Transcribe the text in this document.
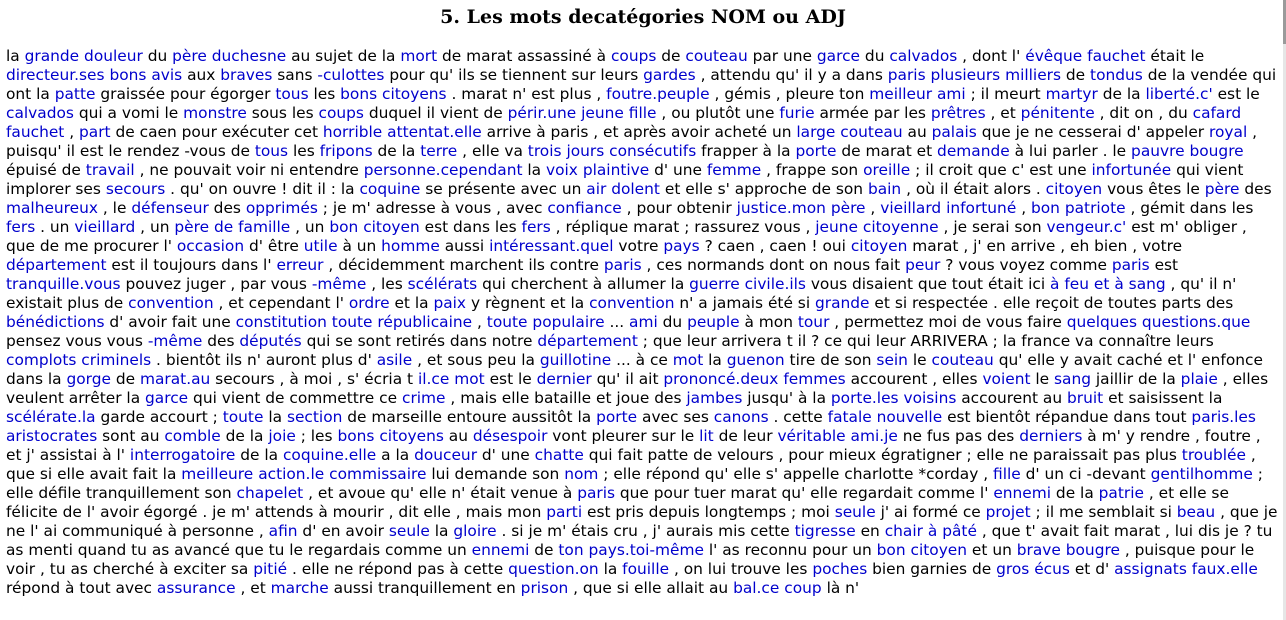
5. Les mots decatégories NOM ou ADJ

la grande douleur du père duchesne au sujet de la mort de marat assassiné à coups de couteau par une garce du calvados , dont l' évêque fauchet était le directeur.ses bons avis aux braves sans -culottes pour qu' ils se tiennent sur leurs gardes , attendu qu' il y a dans paris plusieurs milliers de tondus de la vendée qui ont la patte graissée pour égorger tous les bons citoyens . marat n' est plus , foutre.peuple , gémis , pleure ton meilleur ami ; il meurt martyr de la liberté.c' est le calvados qui a vomi le monstre sous les coups duquel il vient de périr.une jeune fille , ou plutôt une furie armée par les prêtres , et pénitente , dit on , du cafard fauchet , part de caen pour exécuter cet horrible attentat.elle arrive à paris , et après avoir acheté un large couteau au palais que je ne cesserai d' appeler royal , puisqu' il est le rendez -vous de tous les fripons de la terre , elle va trois jours consécutifs frapper à la porte de marat et demande à lui parler . le pauvre bougre épuisé de travail , ne pouvait voir ni entendre personne.cependant la voix plaintive d' une femme , frappe son oreille ; il croit que c' est une infortunée qui vient implorer ses secours . qu' on ouvre ! dit il : la coquine se présente avec un air dolent et elle s' approche de son bain , où il était alors . citoyen vous êtes le père des malheureux , le défenseur des opprimés ; je m' adresse à vous , avec confiance , pour obtenir justice.mon père , vieillard infortuné , bon patriote , gémit dans les fers . un vieillard , un père de famille , un bon citoyen est dans les fers , réplique marat ; rassurez vous , jeune citoyenne , je serai son vengeur.c' est m' obliger , que de me procurer l' occasion d' être utile à un homme aussi intéressant.quel votre pays ? caen , caen ! oui citoyen marat , j' en arrive , eh bien , votre département est il toujours dans l' erreur , décidemment marchent ils contre paris , ces normands dont on nous fait peur ? vous voyez comme paris est tranquille.vous pouvez juger , par vous -même , les scélérats qui cherchent à allumer la guerre civile.ils vous disaient que tout était ici à feu et à sang , qu' il n' existait plus de convention , et cependant l' ordre et la paix y règnent et la convention n' a jamais été si grande et si respectée . elle reçoit de toutes parts des bénédictions d' avoir fait une constitution toute républicaine , toute populaire ... ami du peuple à mon tour , permettez moi de vous faire quelques questions.que pensez vous vous -même des députés qui se sont retirés dans notre département ; que leur arrivera t il ? ce qui leur ARRIVERA ; la france va connaître leurs complots criminels . bientôt ils n' auront plus d' asile , et sous peu la guillotine ... à ce mot la guenon tire de son sein le couteau qu' elle y avait caché et l' enfonce dans la gorge de marat.au secours , à moi , s' écria t il.ce mot est le dernier qu' il ait prononcé.deux femmes accourent , elles voient le sang jaillir de la plaie , elles veulent arrêter la garce qui vient de commettre ce crime , mais elle bataille et joue des jambes jusqu' à la porte.les voisins accourent au bruit et saisissent la scélérate.la garde accourt ; toute la section de marseille entoure aussitôt la porte avec ses canons . cette fatale nouvelle est bientôt répandue dans tout paris.les aristocrates sont au comble de la joie ; les bons citoyens au désespoir vont pleurer sur le lit de leur véritable ami.je ne fus pas des derniers à m' y rendre , foutre , et j' assistai à l' interrogatoire de la coquine.elle a la douceur d' une chatte qui fait patte de velours , pour mieux égratigner ; elle ne paraissait pas plus troublée , que si elle avait fait la meilleure action.le commissaire lui demande son nom ; elle répond qu' elle s' appelle charlotte *corday , fille d' un ci -devant gentilhomme ; elle défile tranquillement son chapelet , et avoue qu' elle n' était venue à paris que pour tuer marat qu' elle regardait comme l' ennemi de la patrie , et elle se félicite de l' avoir égorgé . je m' attends à mourir , dit elle , mais mon parti est pris depuis longtemps ; moi seule j' ai formé ce projet ; il me semblait si beau , que je ne l' ai communiqué à personne , afin d' en avoir seule la gloire . si je m' étais cru , j' aurais mis cette tigresse en chair à pâté , que t' avait fait marat , lui dis je ? tu as menti quand tu as avancé que tu le regardais comme un ennemi de ton pays.toi-même l' as reconnu pour un bon citoyen et un brave bougre , puisque pour le voir , tu as cherché à exciter sa pitié . elle ne répond pas à cette question.on la fouille , on lui trouve les poches bien garnies de gros écus et d' assignats faux.elle répond à tout avec assurance , et marche aussi tranquillement en prison , que si elle allait au bal.ce coup là n'
